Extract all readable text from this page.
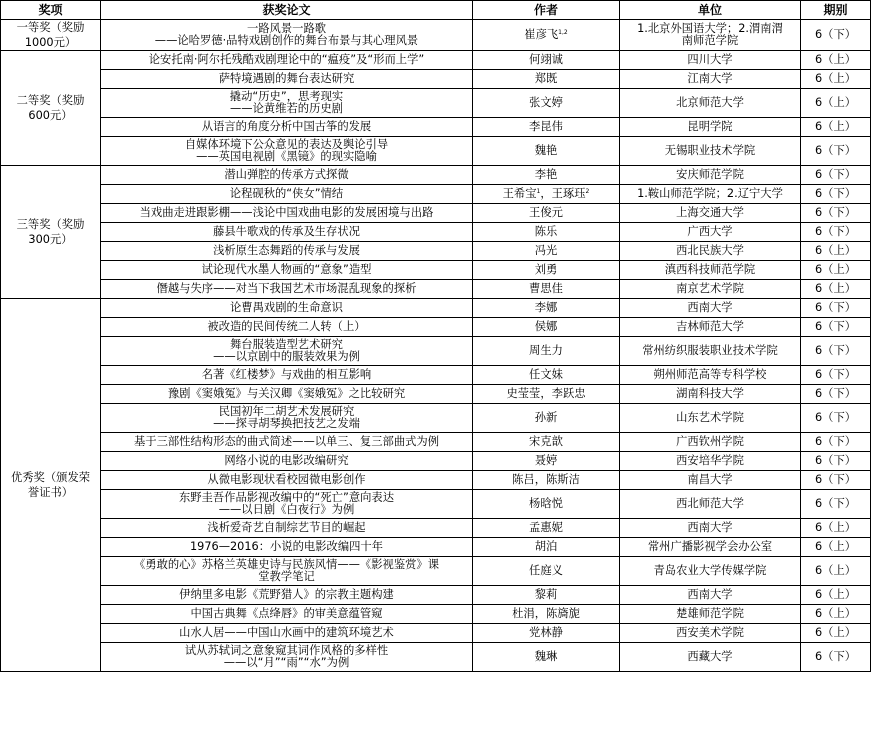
奖项	获奖论文	作者	单位	期别

一等奖（奖励
1000元）	一路风景一路歌
——论哈罗德·品特戏剧创作的舞台布景与其心理风景	崔彦飞$^{1,2}$	1.北京外国语大学；2.渭南渭
南师范学院	6（下）

二等奖（奖励
600元）	论安托南·阿尔托残酷戏剧理论中的“瘟疫”及“形而上学”	何翊诚	四川大学	6（上）

	萨特境遇剧的舞台表达研究	郑既	江南大学	6（上）

	撬动“历史”，思考现实
——论黄维若的历史剧	张文婷	北京师范大学	6（上）

	从语言的角度分析中国古筝的发展	李昆伟	昆明学院	6（上）

	自媒体环境下公众意见的表达及舆论引导
——英国电视剧《黑镜》的现实隐喻	魏艳	无锡职业技术学院	6（下）

三等奖（奖励
300元）	潜山弹腔的传承方式探微	李艳	安庆师范学院	6（下）

	论程砚秋的“侠女”情结	王希宝$^1$，王琢珏$^2$	1.鞍山师范学院；2.辽宁大学	6（下）

	当戏曲走进跟影棚——浅论中国戏曲电影的发展困境与出路	王俊元	上海交通大学	6（下）

	藤县牛歌戏的传承及生存状况	陈乐	广西大学	6（下）

	浅析原生态舞蹈的传承与发展	冯光	西北民族大学	6（上）

	试论现代水墨人物画的“意象”造型	刘勇	滇西科技师范学院	6（上）

	僭越与失序——对当下我国艺术市场混乱现象的探析	曹思佳	南京艺术学院	6（上）

优秀奖（颁发荣
誉证书）	论曹禺戏剧的生命意识	李娜	西南大学	6（下）

	被改造的民间传统二人转（上）	侯娜	吉林师范大学	6（下）

	舞台服装造型艺术研究
——以京剧中的服装效果为例	周生力	常州纺织服装职业技术学院	6（下）

	名著《红楼梦》与戏曲的相互影响	任文妹	朔州师范高等专科学校	6（下）

	豫剧《窦娥冤》与关汉卿《窦娥冤》之比较研究	史莹莹，李跃忠	湖南科技大学	6（下）

	民国初年二胡艺术发展研究
——探寻胡琴换把技艺之发端	孙新	山东艺术学院	6（下）

	基于三部性结构形态的曲式简述——以单三、复三部曲式为例	宋克歆	广西钦州学院	6（下）

	网络小说的电影改编研究	聂婷	西安培华学院	6（下）

	从微电影现状看校园微电影创作	陈吕，陈斯洁	南昌大学	6（下）

	东野圭吾作品影视改编中的“死亡”意向表达
——以日剧《白夜行》为例	杨晗悦	西北师范大学	6（下）

	浅析爱奇艺自制综艺节目的崛起	孟惠妮	西南大学	6（上）

	1976—2016：小说的电影改编四十年	胡泊	常州广播影视学会办公室	6（上）

	《勇敢的心》苏格兰英雄史诗与民族风情——《影视鉴赏》课
堂教学笔记	任庭义	青岛农业大学传媒学院	6（上）

	伊纳里多电影《荒野猎人》的宗教主题构建	黎莉	西南大学	6（上）

	中国古典舞《点绛唇》的审美意蕴管窥	杜涓，陈旖旎	楚雄师范学院	6（上）

	山水人居——中国山水画中的建筑环境艺术	党林静	西安美术学院	6（上）

	试从苏轼词之意象窥其词作风格的多样性
——以“月”“雨”“水”为例	魏琳	西藏大学	6（下）
